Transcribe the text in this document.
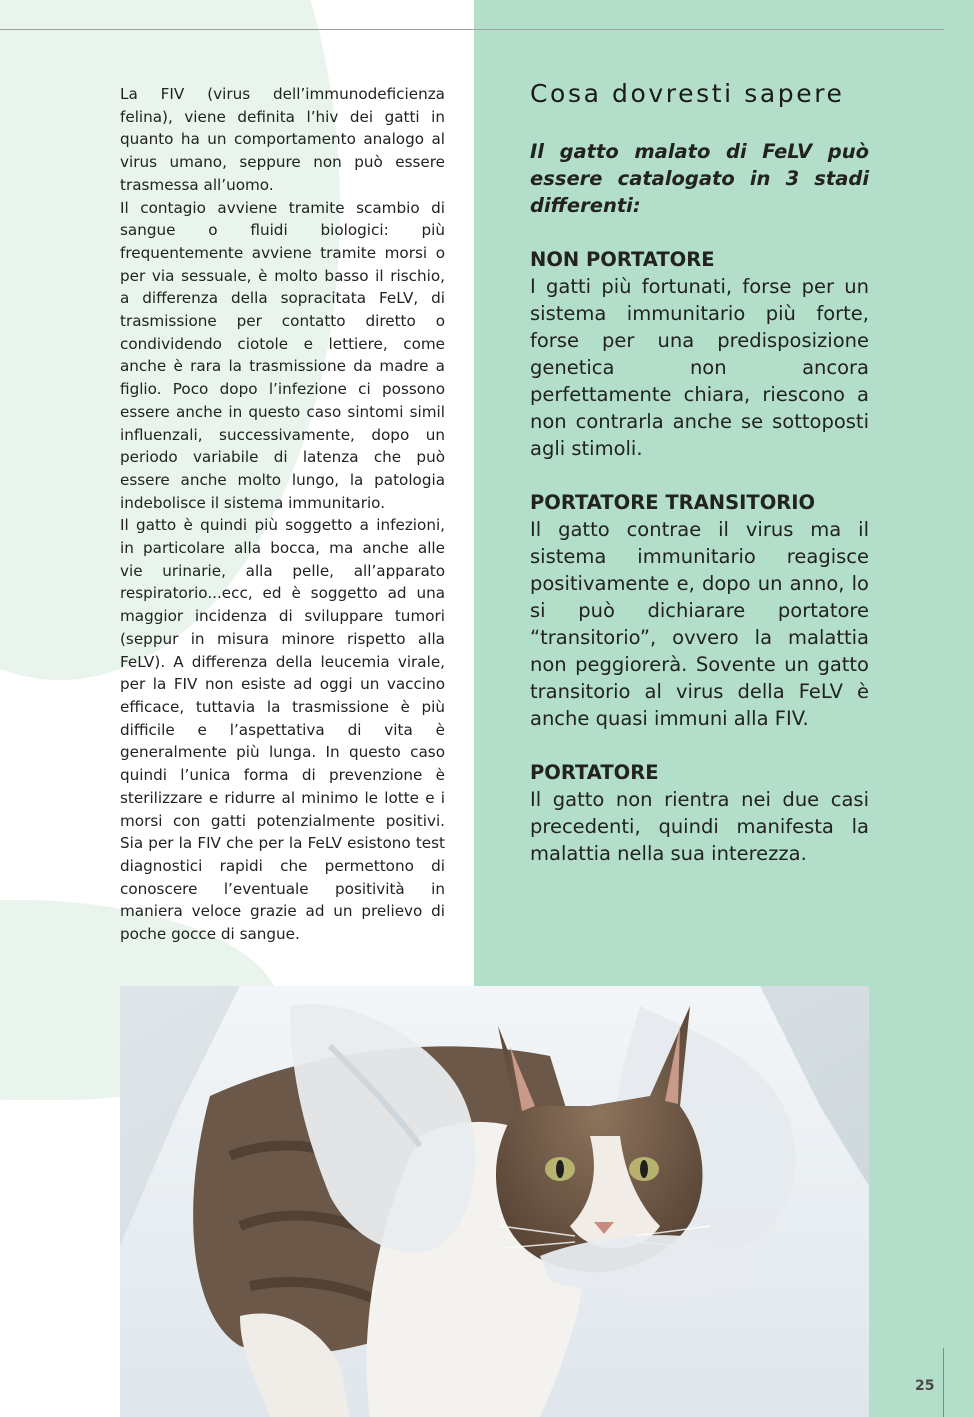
La FIV (virus dell’immunodeficienza felina), viene definita l’hiv dei gatti in quanto ha un comportamento analogo al virus umano, seppure non può essere trasmessa all’uomo.

Il contagio avviene tramite scambio di sangue o fluidi biologici: più frequentemente avviene tramite morsi o per via sessuale, è molto basso il rischio, a differenza della sopracitata FeLV, di trasmissione per contatto diretto o condividendo ciotole e lettiere, come anche è rara la trasmissione da madre a figlio. Poco dopo l’infezione ci possono essere anche in questo caso sintomi simil influenzali, successivamente, dopo un periodo variabile di latenza che può essere anche molto lungo, la patologia indebolisce il sistema immunitario.

Il gatto è quindi più soggetto a infezioni, in particolare alla bocca, ma anche alle vie urinarie, alla pelle, all’apparato respiratorio...ecc, ed è soggetto ad una maggior incidenza di sviluppare tumori (seppur in misura minore rispetto alla FeLV). A differenza della leucemia virale, per la FIV non esiste ad oggi un vaccino efficace, tuttavia la trasmissione è più difficile e l’aspettativa di vita è generalmente più lunga. In questo caso quindi l’unica forma di prevenzione è sterilizzare e ridurre al minimo le lotte e i morsi con gatti potenzialmente positivi. Sia per la FIV che per la FeLV esistono test diagnostici rapidi che permettono di conoscere l’eventuale positività in maniera veloce grazie ad un prelievo di poche gocce di sangue.

Cosa dovresti sapere

Il gatto malato di FeLV può essere catalogato in 3 stadi differenti:

NON PORTATORE

I gatti più fortunati, forse per un sistema immunitario più forte, forse per una predisposizione genetica non ancora perfettamente chiara, riescono a non contrarla anche se sottoposti agli stimoli.

PORTATORE TRANSITORIO

Il gatto contrae il virus ma il sistema immunitario reagisce positivamente e, dopo un anno, lo si può dichiarare portatore “transitorio”, ovvero la malattia non peggiorerà. Sovente un gatto transitorio al virus della FeLV è anche quasi immuni alla FIV.

PORTATORE

Il gatto non rientra nei due casi precedenti, quindi manifesta la malattia nella sua interezza.

25
